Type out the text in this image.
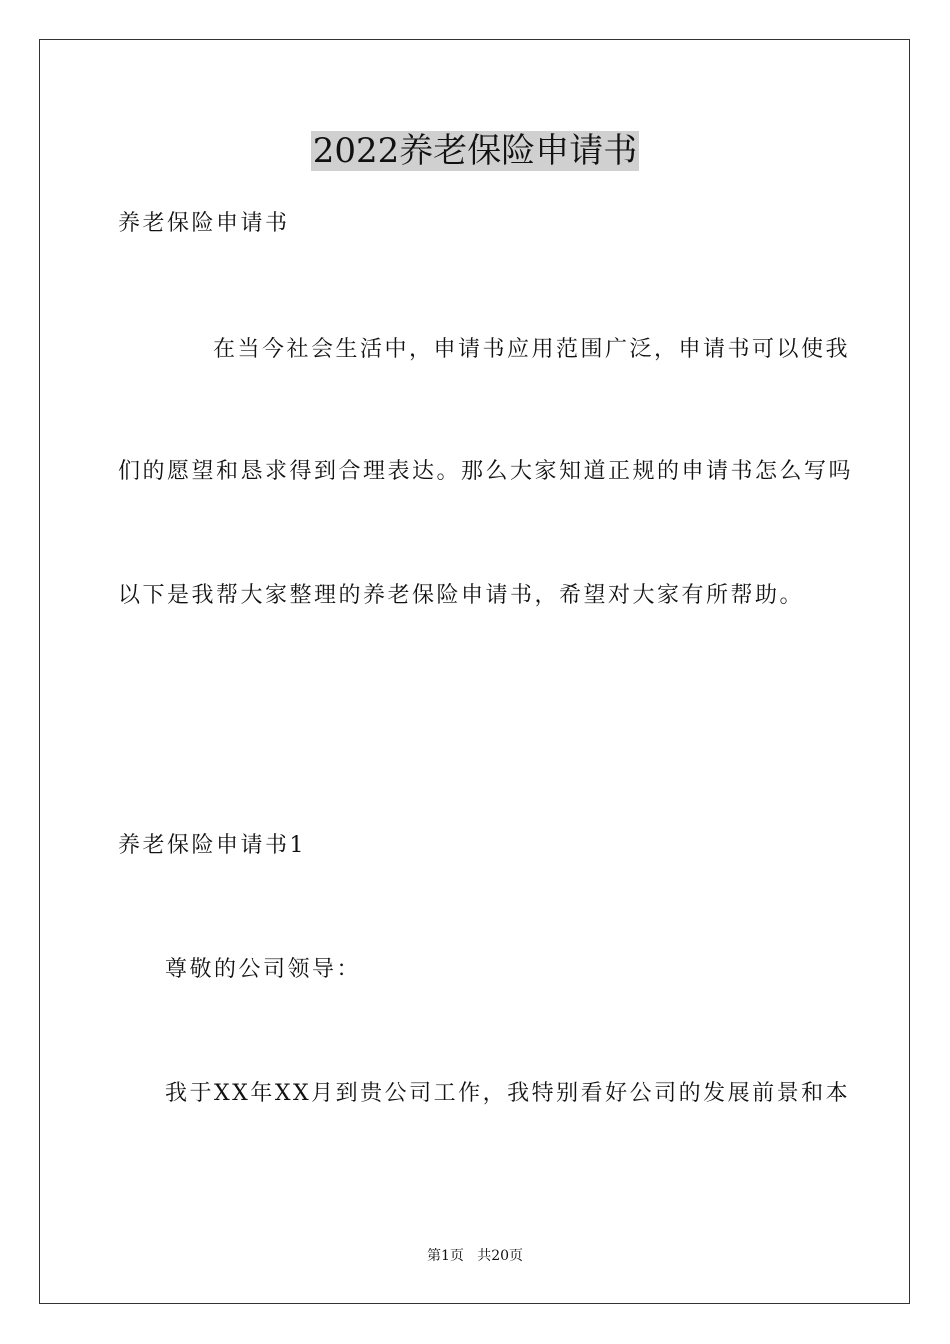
2022养老保险申请书
养老保险申请书
在当今社会生活中，申请书应用范围广泛，申请书可以使我
们的愿望和恳求得到合理表达。那么大家知道正规的申请书怎么写吗
以下是我帮大家整理的养老保险申请书，希望对大家有所帮助。
养老保险申请书1
尊敬的公司领导：
我于XX年XX月到贵公司工作，我特别看好公司的发展前景和本
第1页   共20页
